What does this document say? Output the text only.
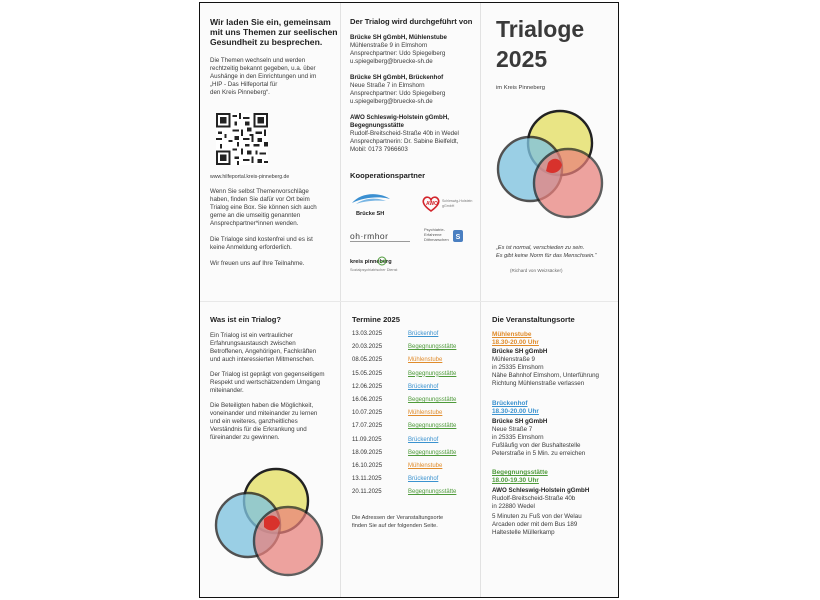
Wir laden Sie ein, gemeinsam

mit uns Themen zur seelischen

Gesundheit zu besprechen.

Die Themen wechseln und werden

rechtzeitig bekannt gegeben, u.a. über

Aushänge in den Einrichtungen und im

„HIP - Das Hilfeportal für

den Kreis Pinneberg“.

www.hilfeportal.kreis-pinneberg.de

Wenn Sie selbst Themenvorschläge

haben, finden Sie dafür vor Ort beim

Trialog eine Box. Sie können sich auch

gerne an die umseitig genannten

Ansprechpartner*innen wenden.

Die Trialoge sind kostenfrei und es ist

keine Anmeldung erforderlich.

Wir freuen uns auf Ihre Teilnahme.

Der Trialog wird durchgeführt von

Brücke SH gGmbH, Mühlenstube

Mühlenstraße 9 in Elmshorn

Ansprechpartner: Udo Spiegelberg

u.spiegelberg@bruecke-sh.de

Brücke SH gGmbH, Brückenhof

Neue Straße 7 in Elmshorn

Ansprechpartner: Udo Spiegelberg

u.spiegelberg@bruecke-sh.de

AWO Schleswig-Holstein gGmbH,

Begegnungsstätte

Rudolf-Breitscheid-Straße 40b in Wedel

Ansprechpartnerin: Dr. Sabine Bielfeldt,

Mobil: 0173 7966603

Kooperationspartner

Brücke SH

AWO Schleswig-Holstein gGmbH

oh·rmhor

Psychiatrie-

Erfahrene

Dithmarschen S

kreis pinneberg

Sozialpsychiatrischer Dienst

Trialoge

2025

im Kreis Pinneberg

„Es ist normal, verschieden zu sein.

Es gibt keine Norm für das Menschsein.“

(Richard von Weizsäcker)

Was ist ein Trialog?

Ein Trialog ist ein vertraulicher

Erfahrungsaustausch zwischen

Betroffenen, Angehörigen, Fachkräften

und auch interessierten Mitmenschen.

Der Trialog ist geprägt von gegenseitigem

Respekt und wertschätzendem Umgang

miteinander.

Die Beteiligten haben die Möglichkeit,

voneinander und miteinander zu lernen

und ein weiteres, ganzheitliches

Verständnis für die Erkrankung und

füreinander zu gewinnen.

Termine 2025

13.03.2025	Brückenhof
20.03.2025	Begegnungsstätte
08.05.2025	Mühlenstube
15.05.2025	Begegnungsstätte
12.06.2025	Brückenhof
16.06.2025	Begegnungsstätte
10.07.2025	Mühlenstube
17.07.2025	Begegnungsstätte
11.09.2025	Brückenhof
18.09.2025	Begegnungsstätte
16.10.2025	Mühlenstube
13.11.2025	Brückenhof
20.11.2025	Begegnungsstätte

Die Adressen der Veranstaltungsorte

finden Sie auf der folgenden Seite.

Die Veranstaltungsorte

Mühlenstube

18.30-20.00 Uhr

Brücke SH gGmbH

Mühlenstraße 9

in 25335 Elmshorn

Nähe Bahnhof Elmshorn, Unterführung

Richtung Mühlenstraße verlassen

Brückenhof

18.30-20.00 Uhr

Brücke SH gGmbH

Neue Straße 7

in 25335 Elmshorn

Fußläufig von der Bushaltestelle

Peterstraße in 5 Min. zu erreichen

Begegnungsstätte

18.00-19.30 Uhr

AWO Schleswig-Holstein gGmbH

Rudolf-Breitscheid-Straße 40b

in 22880 Wedel

5 Minuten zu Fuß von der Welau

Arcaden oder mit dem Bus 189

Haltestelle Müllerkamp
